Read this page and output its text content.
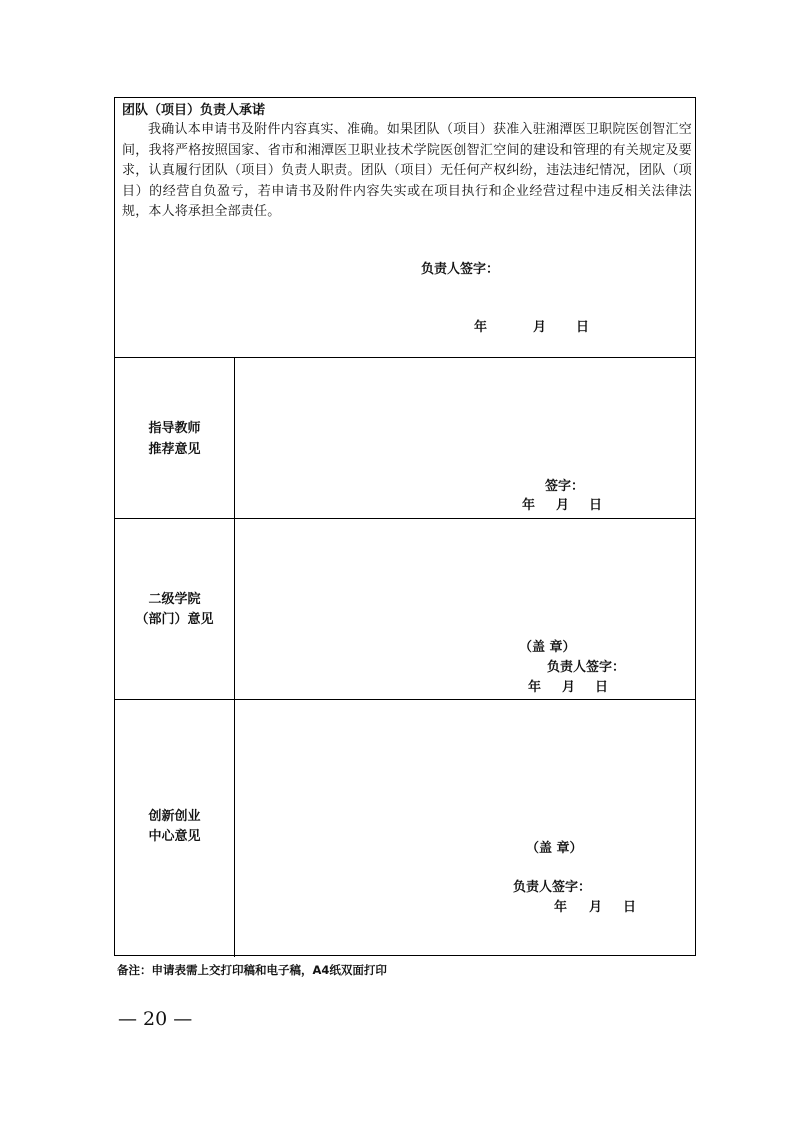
团队（项目）负责人承诺

我确认本申请书及附件内容真实、准确。如果团队（项目）获准入驻湘潭医卫职院医创智汇空间，我将严格按照国家、省市和湘潭医卫职业技术学院医创智汇空间的建设和管理的有关规定及要求，认真履行团队（项目）负责人职责。团队（项目）无任何产权纠纷，违法违纪情况，团队（项目）的经营自负盈亏，若申请书及附件内容失实或在项目执行和企业经营过程中违反相关法律法规，本人将承担全部责任。

负责人签字：
年	月 日
指导教师
推荐意见
签字：
年 月 日
二级学院
（部门）意见
（盖 章）
负责人签字：
年 月 日
创新创业
中心意见
（盖 章）
负责人签字：
年 月 日
备注：申请表需上交打印稿和电子稿，A4纸双面打印
— 20 —
